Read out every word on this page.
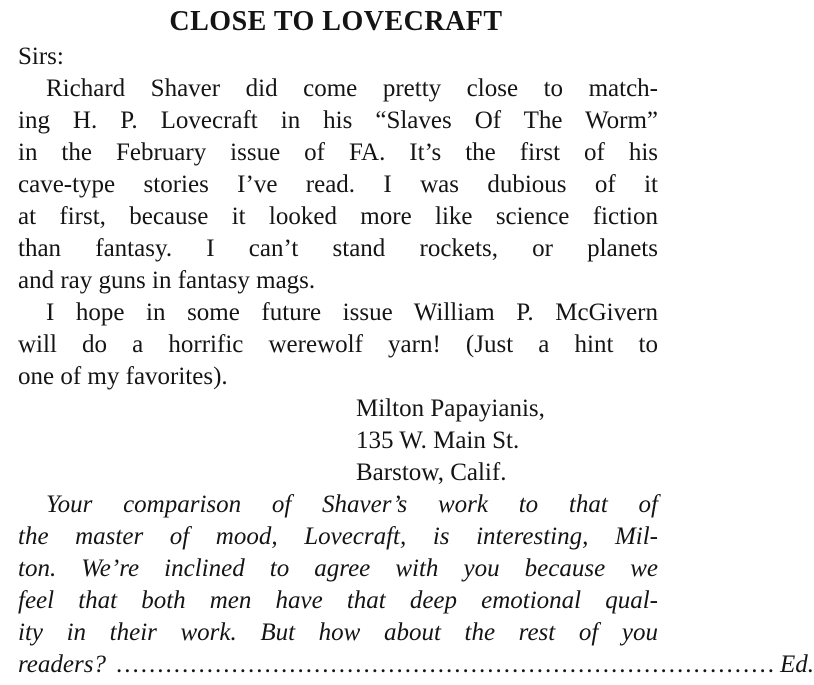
CLOSE TO LOVECRAFT
Sirs:
Richard Shaver did come pretty close to match-
ing H. P. Lovecraft in his “Slaves Of The Worm”
in the February issue of FA. It’s the first of his
cave-type stories I’ve read. I was dubious of it
at first, because it looked more like science fiction
than fantasy. I can’t stand rockets, or planets
and ray guns in fantasy mags.
I hope in some future issue William P. McGivern
will do a horrific werewolf yarn! (Just a hint to
one of my favorites).
Milton Papayianis,
135 W. Main St.
Barstow, Calif.
Your comparison of Shaver’s work to that of
the master of mood, Lovecraft, is interesting, Mil-
ton. We’re inclined to agree with you because we
feel that both men have that deep emotional qual-
ity in their work. But how about the rest of you
readers? ................................................................................ Ed.
